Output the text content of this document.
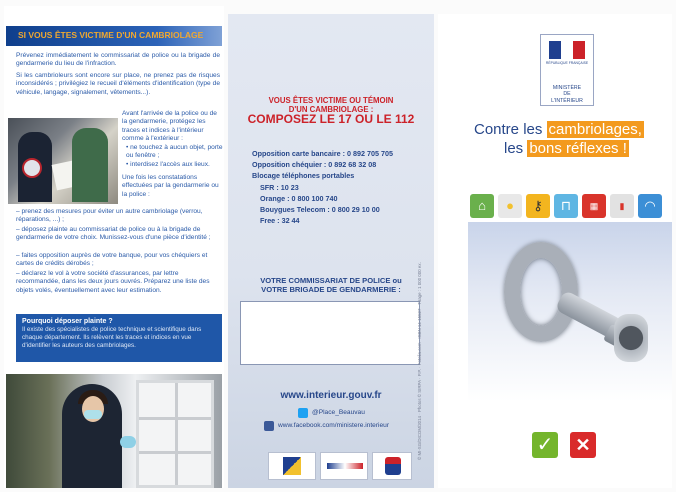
SI VOUS ÊTES VICTIME D'UN CAMBRIOLAGE
Prévenez immédiatement le commissariat de police ou la brigade de gendarmerie du lieu de l'infraction.
Si les cambrioleurs sont encore sur place, ne prenez pas de risques inconsidérés ; privilégiez le recueil d'éléments d'identification (type de véhicule, langage, signalement, vêtements...).
Avant l'arrivée de la police ou de la gendarmerie, protégez les traces et indices à l'intérieur comme à l'extérieur :
• ne touchez à aucun objet, porte ou fenêtre ;
• interdisez l'accès aux lieux.
Une fois les constatations effectuées par la gendarmerie ou la police :
– prenez des mesures pour éviter un autre cambriolage (verrou, réparations, ...) ;
– déposez plainte au commissariat de police ou à la brigade de gendarmerie de votre choix. Munissez-vous d'une pièce d'identité ;
– faites opposition auprès de votre banque, pour vos chéquiers et cartes de crédits dérobés ;
– déclarez le vol à votre société d'assurances, par lettre recommandée, dans les deux jours ouvrés. Préparez une liste des objets volés, éventuellement avec leur estimation.
Pourquoi déposer plainte ?
Il existe des spécialistes de police technique et scientifique dans chaque département. Ils relèvent les traces et indices en vue d'identifier les auteurs des cambriolages.
VOUS ÊTES VICTIME OU TÉMOIN
D'UN CAMBRIOLAGE :
COMPOSEZ LE 17 OU LE 112
Opposition carte bancaire : 0 892 705 705
Opposition chéquier : 0 892 68 32 08
Blocage téléphones portables
SFR : 10 23
Orange : 0 800 100 740
Bouygues Telecom : 0 800 29 10 00
Free : 32 44
VOTRE COMMISSARIAT DE POLICE ou
VOTRE BRIGADE DE GENDARMERIE :
www.interieur.gouv.fr
@Place_Beauvau
www.facebook.com/ministere.interieur	© MI-SG/DICOM/2014 · Photos © SIRPA · P.P. · Fotolia.com · ISBN 14-15527 · Tirage : 1 000 000 ex.
RÉPUBLIQUE FRANÇAISE
MINISTÈRE
DE
L'INTÉRIEUR
Contre les cambriolages,
les bons réflexes !
⌂	●	⚷	⊓	▦	▮	◠
✓	✕
